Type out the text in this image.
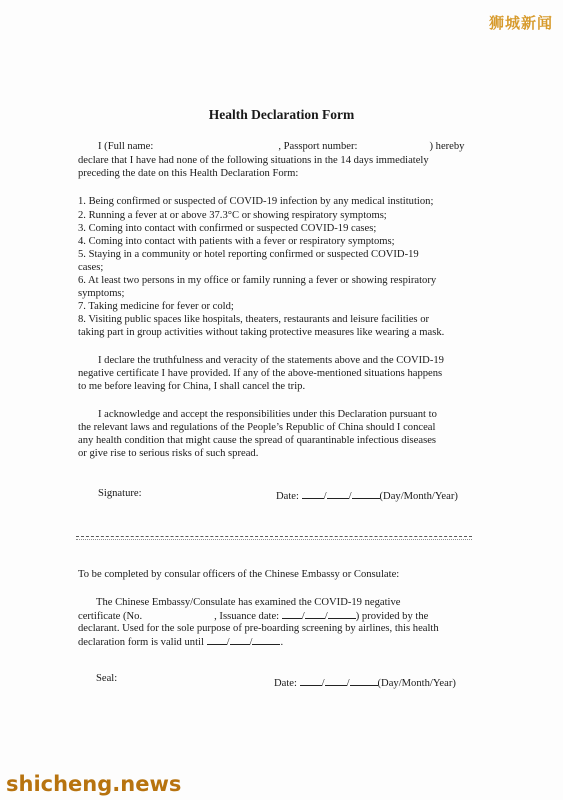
狮城新闻
Health Declaration Form
I (Full name:	, Passport number:	) hereby
declare that I have had none of the following situations in the 14 days immediately
preceding the date on this Health Declaration Form:
1. Being confirmed or suspected of COVID-19 infection by any medical institution;
2. Running a fever at or above 37.3°C or showing respiratory symptoms;
3. Coming into contact with confirmed or suspected COVID-19 cases;
4. Coming into contact with patients with a fever or respiratory symptoms;
5. Staying in a community or hotel reporting confirmed or suspected COVID-19
cases;
6. At least two persons in my office or family running a fever or showing respiratory
symptoms;
7. Taking medicine for fever or cold;
8. Visiting public spaces like hospitals, theaters, restaurants and leisure facilities or
taking part in group activities without taking protective measures like wearing a mask.
I declare the truthfulness and veracity of the statements above and the COVID-19
negative certificate I have provided. If any of the above-mentioned situations happens
to me before leaving for China, I shall cancel the trip.
I acknowledge and accept the responsibilities under this Declaration pursuant to
the relevant laws and regulations of the People’s Republic of China should I conceal
any health condition that might cause the spread of quarantinable infectious diseases
or give rise to serious risks of such spread.
Signature:	Date: / /	(Day/Month/Year)
To be completed by consular officers of the Chinese Embassy or Consulate:
The Chinese Embassy/Consulate has examined the COVID-19 negative
certificate (No.	, Issuance date: / /	) provided by the
declarant. Used for the sole purpose of pre-boarding screening by airlines, this health
declaration form is valid until / /	.
Seal:	Date: / /	(Day/Month/Year)
shicheng.news
